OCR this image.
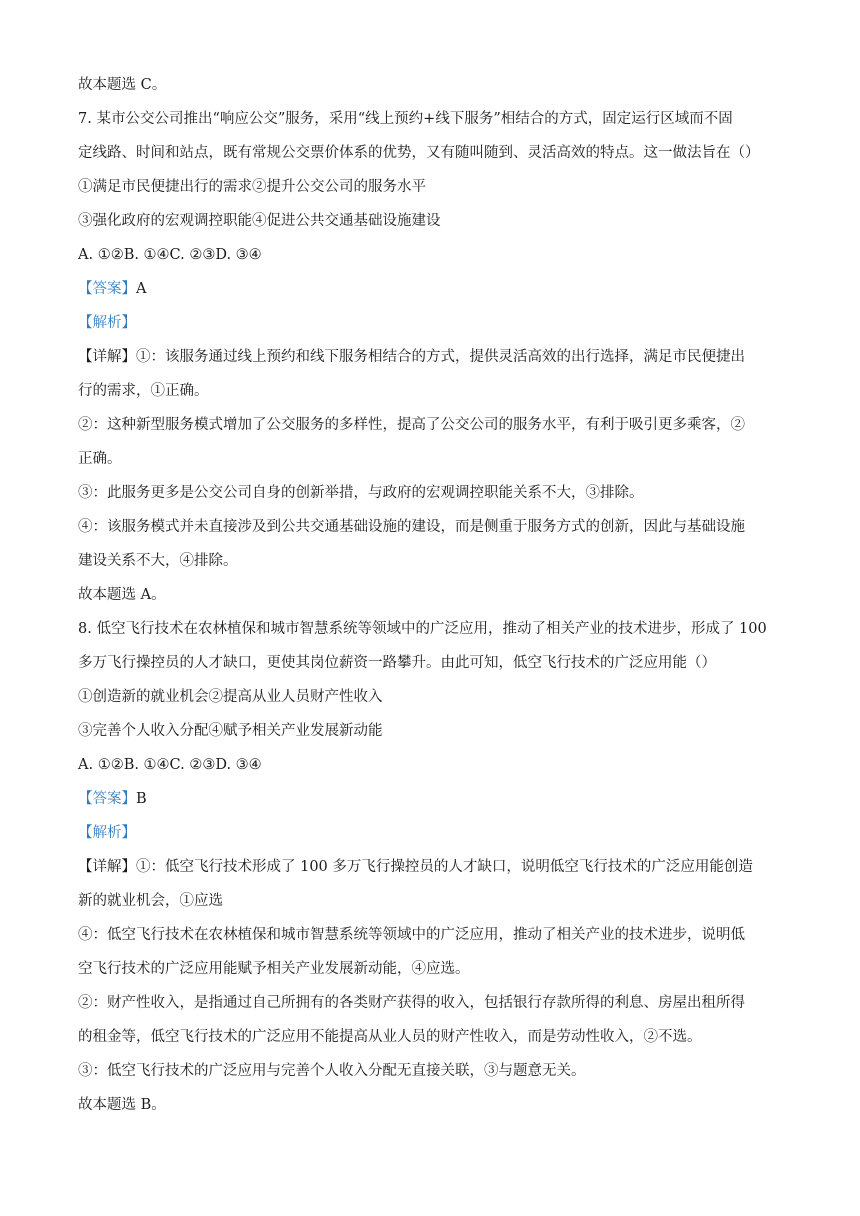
故本题选 C。
7. 某市公交公司推出“响应公交”服务，采用“线上预约+线下服务”相结合的方式，固定运行区域而不固
定线路、时间和站点，既有常规公交票价体系的优势，又有随叫随到、灵活高效的特点。这一做法旨在（）
①满足市民便捷出行的需求②提升公交公司的服务水平
③强化政府的宏观调控职能④促进公共交通基础设施建设
A. ①②B. ①④C. ②③D. ③④
【答案】A
【解析】
【详解】①：该服务通过线上预约和线下服务相结合的方式，提供灵活高效的出行选择，满足市民便捷出
行的需求，①正确。
②：这种新型服务模式增加了公交服务的多样性，提高了公交公司的服务水平，有利于吸引更多乘客，②
正确。
③：此服务更多是公交公司自身的创新举措，与政府的宏观调控职能关系不大，③排除。
④：该服务模式并未直接涉及到公共交通基础设施的建设，而是侧重于服务方式的创新，因此与基础设施
建设关系不大，④排除。
故本题选 A。
8. 低空飞行技术在农林植保和城市智慧系统等领域中的广泛应用，推动了相关产业的技术进步，形成了 100
多万飞行操控员的人才缺口，更使其岗位薪资一路攀升。由此可知，低空飞行技术的广泛应用能（）
①创造新的就业机会②提高从业人员财产性收入
③完善个人收入分配④赋予相关产业发展新动能
A. ①②B. ①④C. ②③D. ③④
【答案】B
【解析】
【详解】①：低空飞行技术形成了 100 多万飞行操控员的人才缺口，说明低空飞行技术的广泛应用能创造
新的就业机会，①应选
④：低空飞行技术在农林植保和城市智慧系统等领域中的广泛应用，推动了相关产业的技术进步，说明低
空飞行技术的广泛应用能赋予相关产业发展新动能，④应选。
②：财产性收入，是指通过自己所拥有的各类财产获得的收入，包括银行存款所得的利息、房屋出租所得
的租金等，低空飞行技术的广泛应用不能提高从业人员的财产性收入，而是劳动性收入，②不选。
③：低空飞行技术的广泛应用与完善个人收入分配无直接关联，③与题意无关。
故本题选 B。
